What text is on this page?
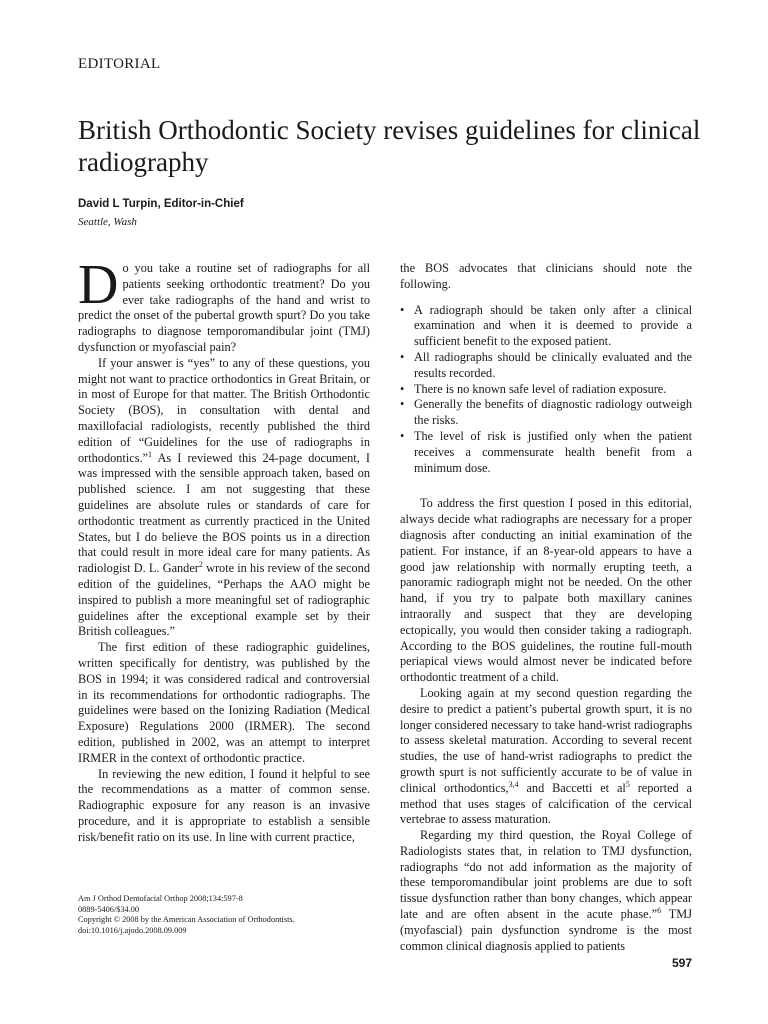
EDITORIAL
British Orthodontic Society revises guidelines for clinical radiography
David L Turpin, Editor-in-Chief
Seattle, Wash

Do you take a routine set of radiographs for all patients seeking orthodontic treatment? Do you ever take radiographs of the hand and wrist to predict the onset of the pubertal growth spurt? Do you take radiographs to diagnose temporomandibular joint (TMJ) dysfunction or myofascial pain?

If your answer is “yes” to any of these questions, you might not want to practice orthodontics in Great Britain, or in most of Europe for that matter. The British Orthodontic Society (BOS), in consultation with dental and maxillofacial radiologists, recently published the third edition of “Guidelines for the use of radiographs in orthodontics.”$^1$ As I reviewed this 24-page document, I was impressed with the sensible approach taken, based on published science. I am not suggesting that these guidelines are absolute rules or standards of care for orthodontic treatment as currently practiced in the United States, but I do believe the BOS points us in a direction that could result in more ideal care for many patients. As radiologist D. L. Gander$^2$ wrote in his review of the second edition of the guidelines, “Perhaps the AAO might be inspired to publish a more meaningful set of radiographic guidelines after the exceptional example set by their British colleagues.”

The first edition of these radiographic guidelines, written specifically for dentistry, was published by the BOS in 1994; it was considered radical and controversial in its recommendations for orthodontic radiographs. The guidelines were based on the Ionizing Radiation (Medical Exposure) Regulations 2000 (IRMER). The second edition, published in 2002, was an attempt to interpret IRMER in the context of orthodontic practice.

In reviewing the new edition, I found it helpful to see the recommendations as a matter of common sense. Radiographic exposure for any reason is an invasive procedure, and it is appropriate to establish a sensible risk/benefit ratio on its use. In line with current practice,

the BOS advocates that clinicians should note the following.

• A radiograph should be taken only after a clinical examination and when it is deemed to provide a sufficient benefit to the exposed patient.
• All radiographs should be clinically evaluated and the results recorded.
• There is no known safe level of radiation exposure.
• Generally the benefits of diagnostic radiology outweigh the risks.
• The level of risk is justified only when the patient receives a commensurate health benefit from a minimum dose.

To address the first question I posed in this editorial, always decide what radiographs are necessary for a proper diagnosis after conducting an initial examination of the patient. For instance, if an 8-year-old appears to have a good jaw relationship with normally erupting teeth, a panoramic radiograph might not be needed. On the other hand, if you try to palpate both maxillary canines intraorally and suspect that they are developing ectopically, you would then consider taking a radiograph. According to the BOS guidelines, the routine full-mouth periapical views would almost never be indicated before orthodontic treatment of a child.

Looking again at my second question regarding the desire to predict a patient’s pubertal growth spurt, it is no longer considered necessary to take hand-wrist radiographs to assess skeletal maturation. According to several recent studies, the use of hand-wrist radiographs to predict the growth spurt is not sufficiently accurate to be of value in clinical orthodontics,$^{3,4}$ and Baccetti et $al^5$ reported a method that uses stages of calcification of the cervical vertebrae to assess maturation.

Regarding my third question, the Royal College of Radiologists states that, in relation to TMJ dysfunction, radiographs “do not add information as the majority of these temporomandibular joint problems are due to soft tissue dysfunction rather than bony changes, which appear late and are often absent in the acute phase.”$^6$ TMJ (myofascial) pain dysfunction syndrome is the most common clinical diagnosis applied to patients

Am J Orthod Dentofacial Orthop 2008;134:597-8
0889-5406/$34.00
Copyright © 2008 by the American Association of Orthodontists.
doi:10.1016/j.ajodo.2008.09.009
597
